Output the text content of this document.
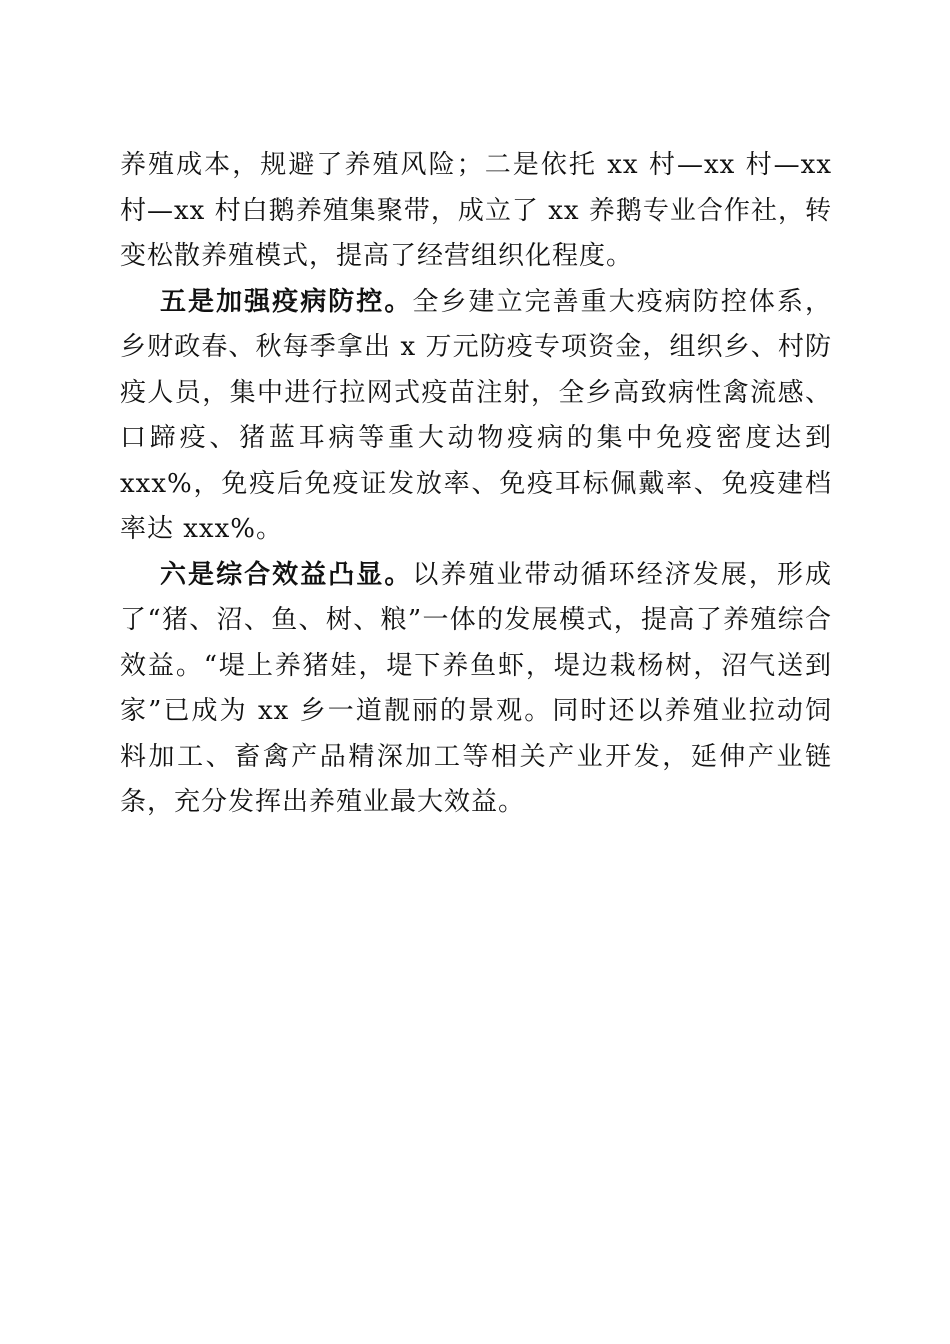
养殖成本，规避了养殖风险；二是依托 xx 村—xx 村—xx 村—xx 村白鹅养殖集聚带，成立了 xx 养鹅专业合作社，转变松散养殖模式，提高了经营组织化程度。

五是加强疫病防控。全乡建立完善重大疫病防控体系，乡财政春、秋每季拿出 x 万元防疫专项资金，组织乡、村防疫人员，集中进行拉网式疫苗注射，全乡高致病性禽流感、口蹄疫、猪蓝耳病等重大动物疫病的集中免疫密度达到 xxx%，免疫后免疫证发放率、免疫耳标佩戴率、免疫建档率达 xxx%。

六是综合效益凸显。以养殖业带动循环经济发展，形成了“猪、沼、鱼、树、粮”一体的发展模式，提高了养殖综合效益。“堤上养猪娃，堤下养鱼虾，堤边栽杨树，沼气送到家”已成为 xx 乡一道靓丽的景观。同时还以养殖业拉动饲料加工、畜禽产品精深加工等相关产业开发，延伸产业链条，充分发挥出养殖业最大效益。
